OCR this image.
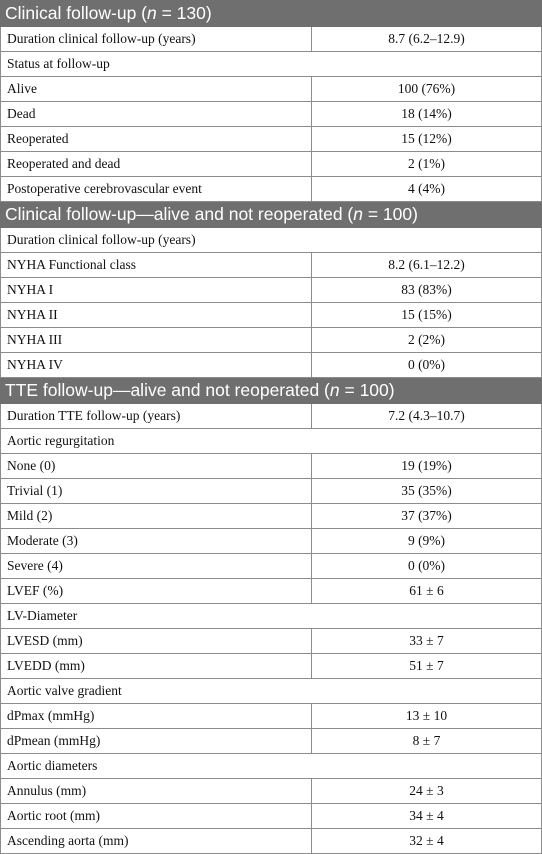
Clinical follow-up (n = 130)	
Duration clinical follow-up (years)	8.7 (6.2–12.9)
Status at follow-up	
Alive	100 (76%)
Dead	18 (14%)
Reoperated	15 (12%)
Reoperated and dead	2 (1%)
Postoperative cerebrovascular event	4 (4%)
Clinical follow-up—alive and not reoperated (n = 100)	
Duration clinical follow-up (years)	
NYHA Functional class	8.2 (6.1–12.2)
NYHA I	83 (83%)
NYHA II	15 (15%)
NYHA III	2 (2%)
NYHA IV	0 (0%)
TTE follow-up—alive and not reoperated (n = 100)	
Duration TTE follow-up (years)	7.2 (4.3–10.7)
Aortic regurgitation	
None (0)	19 (19%)
Trivial (1)	35 (35%)
Mild (2)	37 (37%)
Moderate (3)	9 (9%)
Severe (4)	0 (0%)
LVEF (%)	61 ± 6
LV-Diameter	
LVESD (mm)	33 ± 7
LVEDD (mm)	51 ± 7
Aortic valve gradient	
dPmax (mmHg)	13 ± 10
dPmean (mmHg)	8 ± 7
Aortic diameters	
Annulus (mm)	24 ± 3
Aortic root (mm)	34 ± 4
Ascending aorta (mm)	32 ± 4
